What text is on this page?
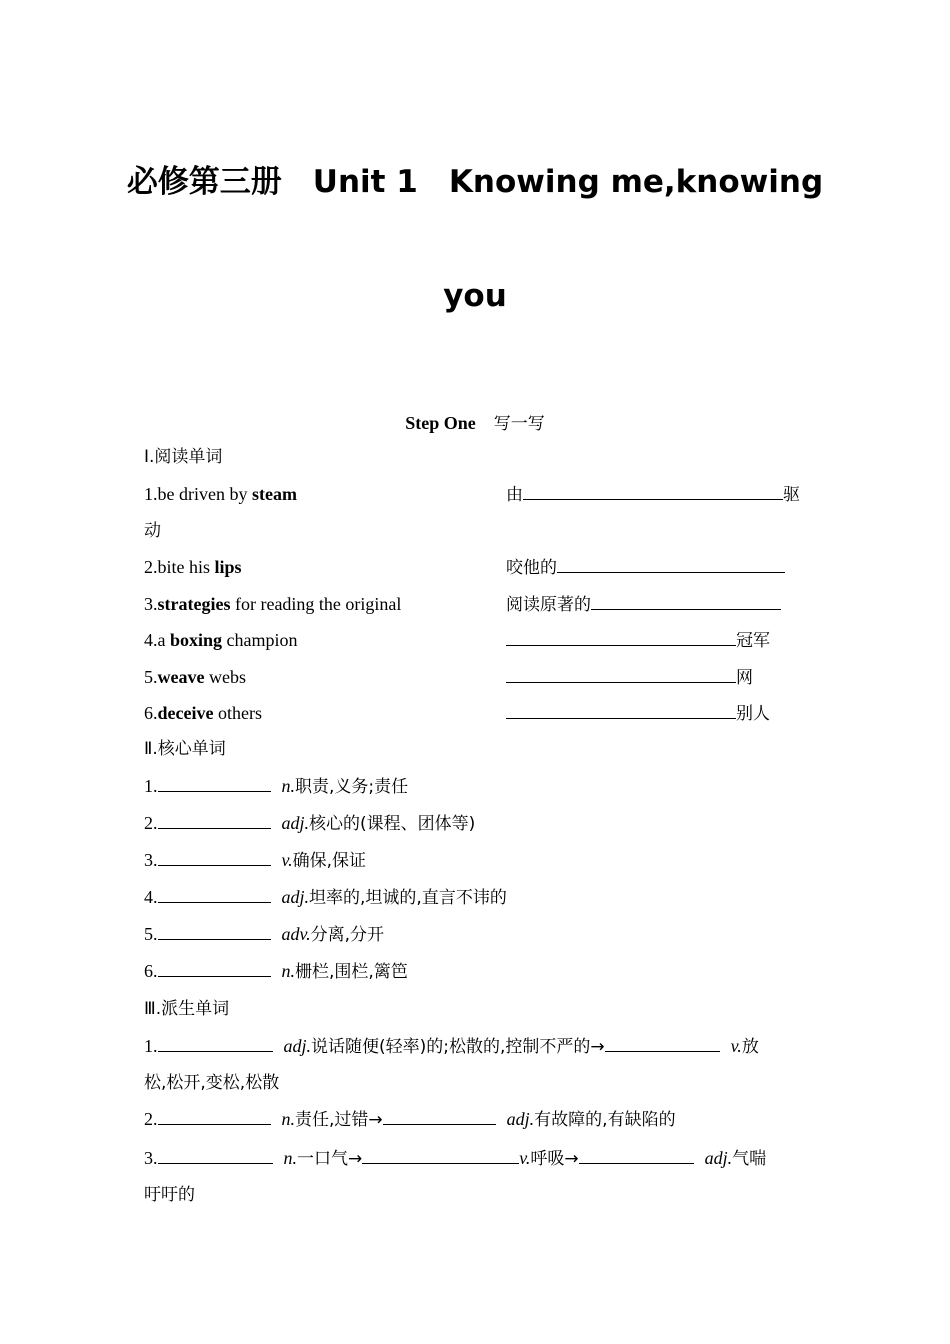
必修第三册　Unit 1　Knowing me,knowing
you
Step One 写一写
Ⅰ.阅读单词
1.be driven by steam	由	驱
动
2.bite his lips	咬他的
3.strategies for reading the original	阅读原著的
4.a boxing champion	冠军
5.weave webs	网
6.deceive others	别人
Ⅱ.核心单词
1.	n.职责,义务;责任
2.	adj.核心的(课程、团体等)
3.	v.确保,保证
4.	adj.坦率的,坦诚的,直言不讳的
5.	adv.分离,分开
6.	n.栅栏,围栏,篱笆
Ⅲ.派生单词
1.	adj.说话随便(轻率)的;松散的,控制不严的→	v.放
松,松开,变松,松散
2.	n.责任,过错→	adj.有故障的,有缺陷的
3.	n.一口气→	v.呼吸→	adj.气喘
吁吁的
